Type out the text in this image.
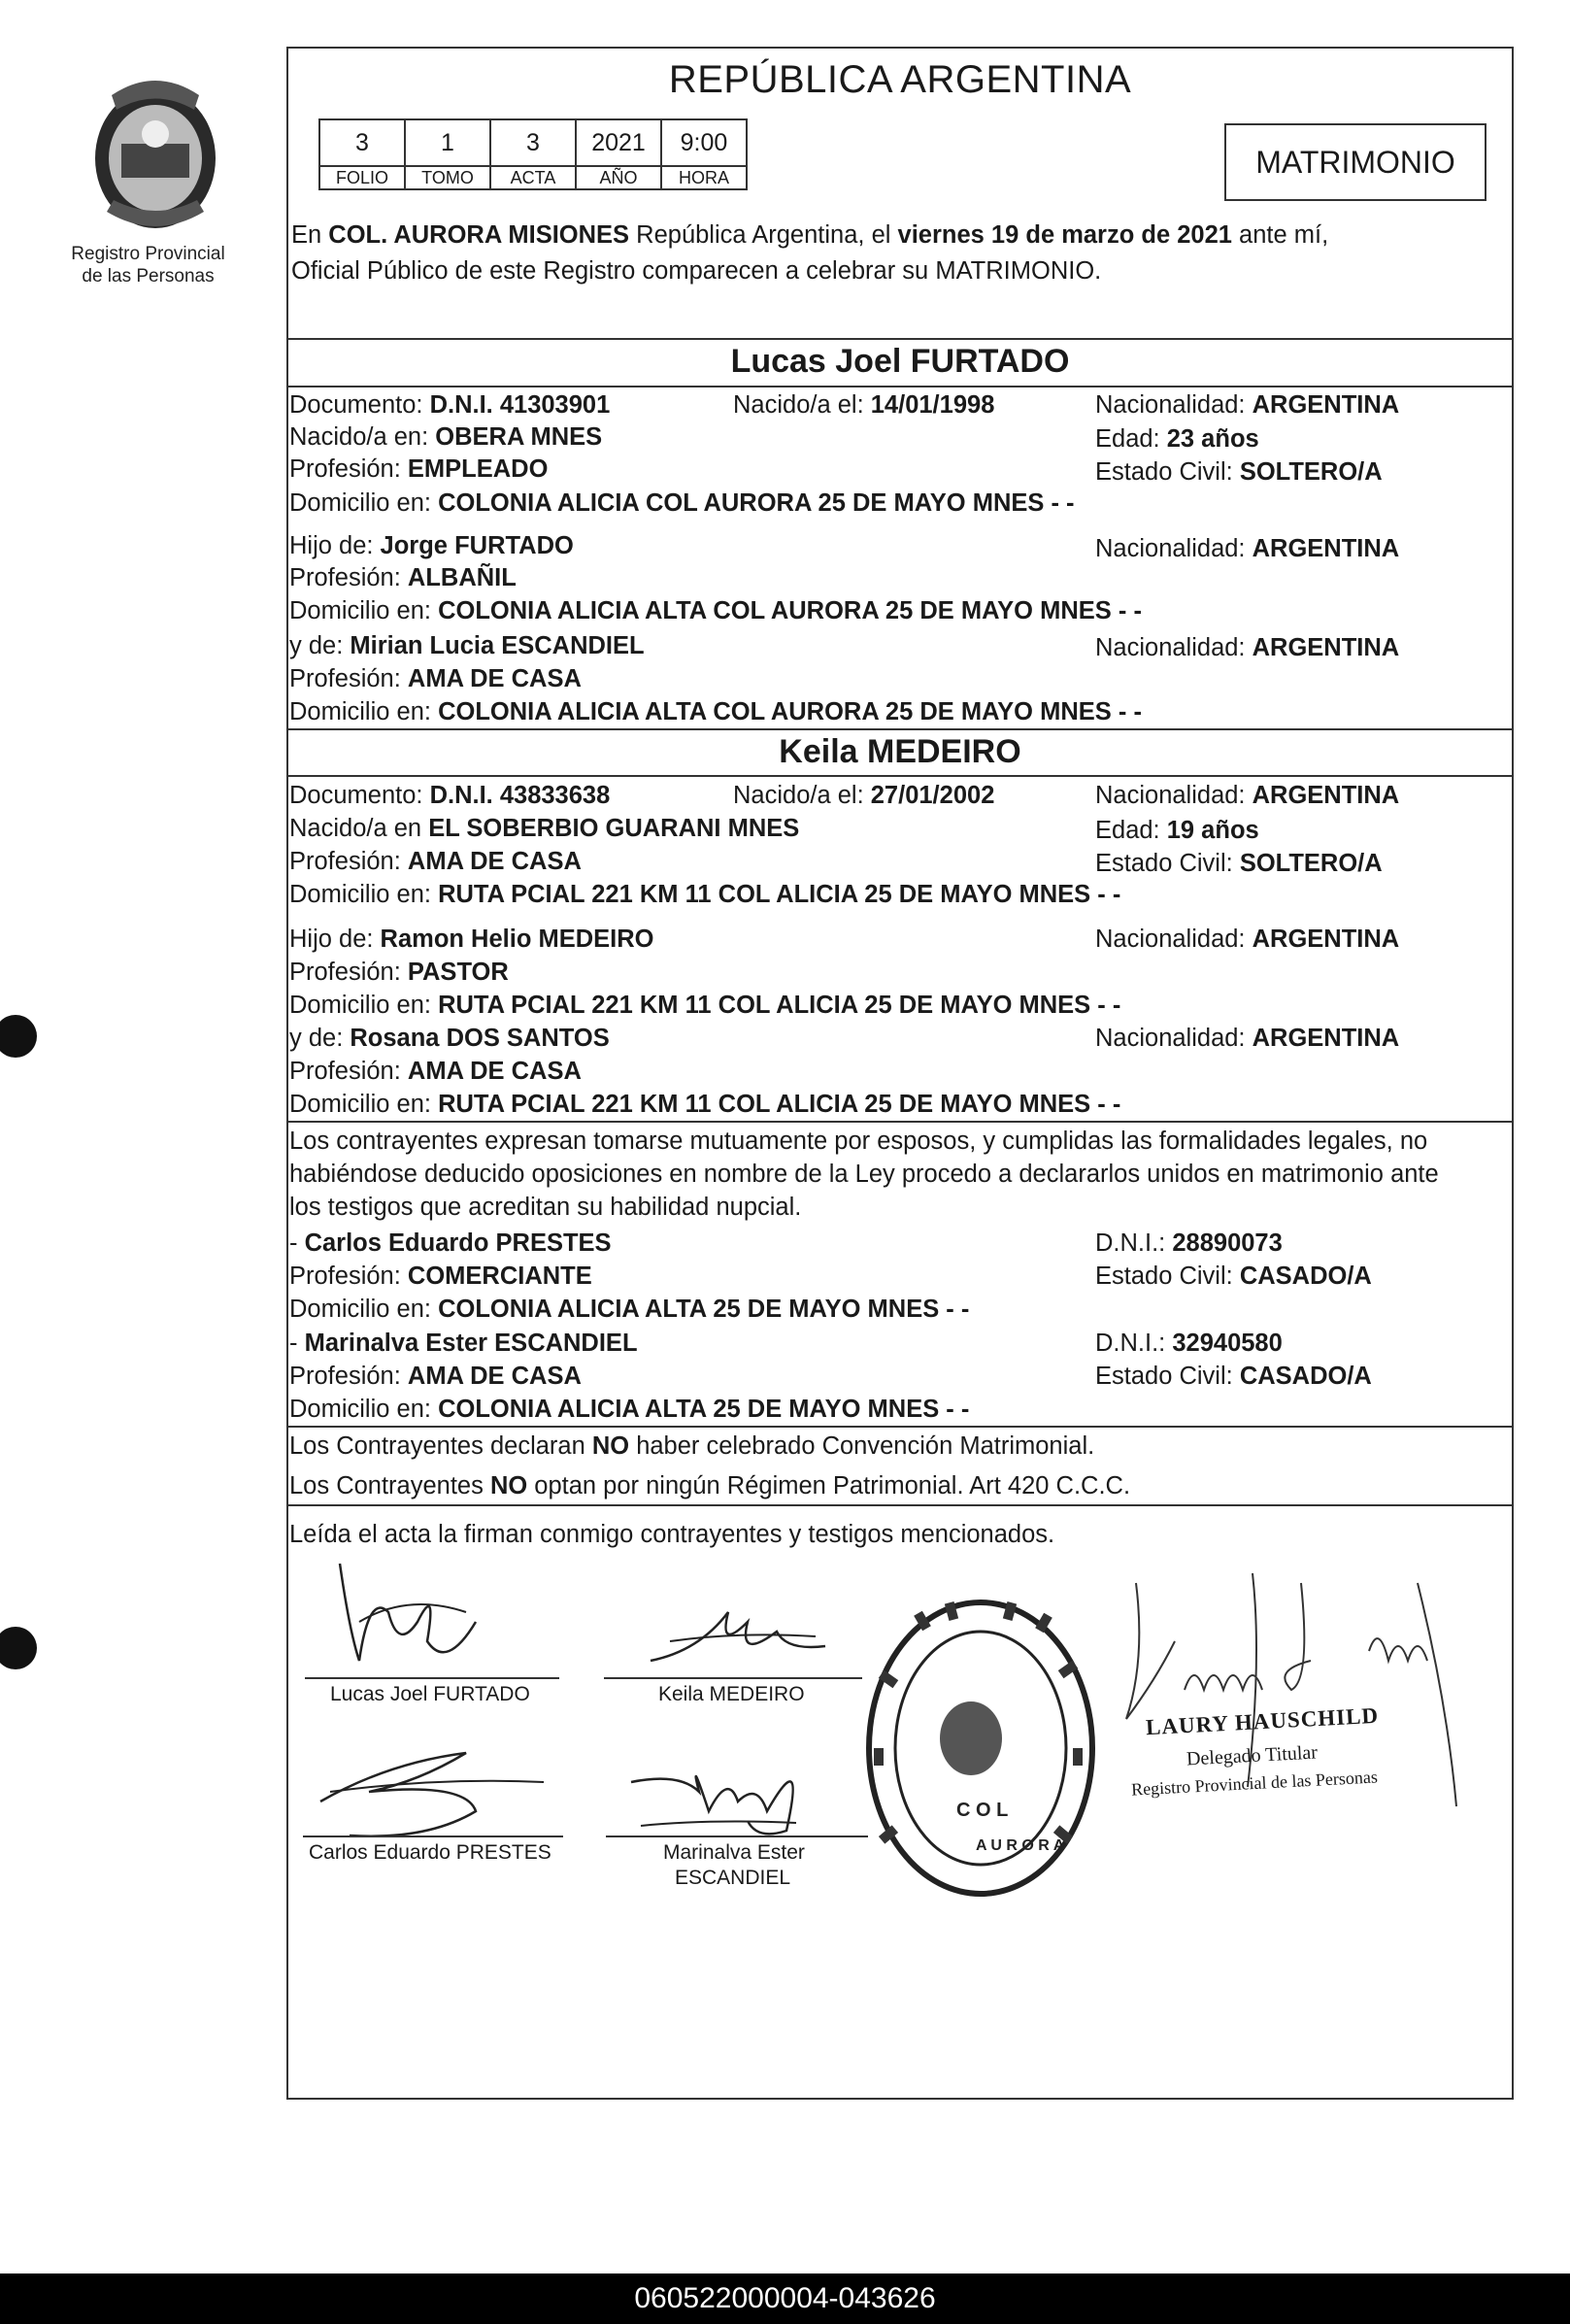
Registro Provincial
de las Personas
REPÚBLICA ARGENTINA
3	1	3	2021	9:00
FOLIO	TOMO	ACTA	AÑO	HORA	MATRIMONIO
En COL. AURORA MISIONES República Argentina, el viernes 19 de marzo de 2021 ante mí,
Oficial Público de este Registro comparecen a celebrar su MATRIMONIO.
Lucas Joel FURTADO
Documento: D.N.I. 41303901	Nacido/a el: 14/01/1998	Nacionalidad: ARGENTINA
Nacido/a en: OBERA MNES	Edad: 23 años
Profesión: EMPLEADO	Estado Civil: SOLTERO/A
Domicilio en: COLONIA ALICIA COL AURORA 25 DE MAYO MNES - -
Hijo de: Jorge FURTADO	Nacionalidad: ARGENTINA
Profesión: ALBAÑIL
Domicilio en: COLONIA ALICIA ALTA COL AURORA 25 DE MAYO MNES - -
y de: Mirian Lucia ESCANDIEL	Nacionalidad: ARGENTINA
Profesión: AMA DE CASA
Domicilio en: COLONIA ALICIA ALTA COL AURORA 25 DE MAYO MNES - -
Keila MEDEIRO
Documento: D.N.I. 43833638	Nacido/a el: 27/01/2002	Nacionalidad: ARGENTINA
Nacido/a en EL SOBERBIO GUARANI MNES	Edad: 19 años
Profesión: AMA DE CASA	Estado Civil: SOLTERO/A
Domicilio en: RUTA PCIAL 221 KM 11 COL ALICIA 25 DE MAYO MNES - -
Hijo de: Ramon Helio MEDEIRO	Nacionalidad: ARGENTINA
Profesión: PASTOR
Domicilio en: RUTA PCIAL 221 KM 11 COL ALICIA 25 DE MAYO MNES - -
y de: Rosana DOS SANTOS	Nacionalidad: ARGENTINA
Profesión: AMA DE CASA
Domicilio en: RUTA PCIAL 221 KM 11 COL ALICIA 25 DE MAYO MNES - -
Los contrayentes expresan tomarse mutuamente por esposos, y cumplidas las formalidades legales, no
habiéndose deducido oposiciones en nombre de la Ley procedo a declararlos unidos en matrimonio ante
los testigos que acreditan su habilidad nupcial.
- Carlos Eduardo PRESTES	D.N.I.: 28890073
Profesión: COMERCIANTE	Estado Civil: CASADO/A
Domicilio en: COLONIA ALICIA ALTA 25 DE MAYO MNES - -
- Marinalva Ester ESCANDIEL	D.N.I.: 32940580
Profesión: AMA DE CASA	Estado Civil: CASADO/A
Domicilio en: COLONIA ALICIA ALTA 25 DE MAYO MNES - -
Los Contrayentes declaran NO haber celebrado Convención Matrimonial.
Los Contrayentes NO optan por ningún Régimen Patrimonial. Art 420 C.C.C.
Leída el acta la firman conmigo contrayentes y testigos mencionados.
Lucas Joel FURTADO	Keila MEDEIRO
Carlos Eduardo PRESTES	Marinalva Ester
ESCANDIEL
C O L
A U R O R A
LAURY HAUSCHILD
Delegado Titular
Registro Provincial de las Personas
060522000004-043626
